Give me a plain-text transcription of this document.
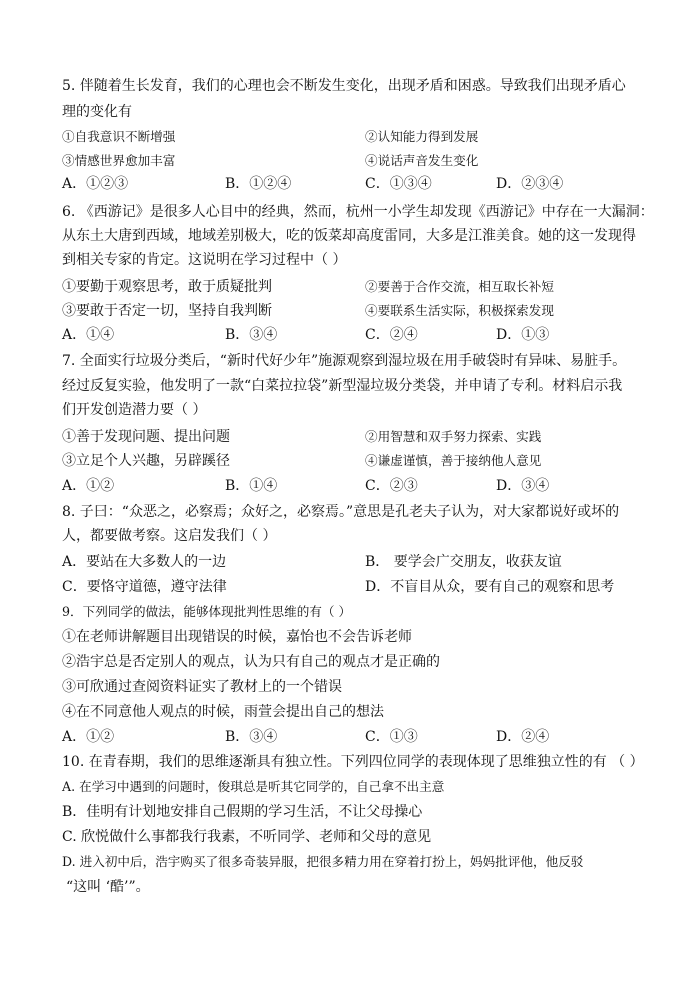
5. 伴随着生长发育，我们的心理也会不断发生变化，出现矛盾和困惑。导致我们出现矛盾心
理的变化有
①自我意识不断增强	②认知能力得到发展
③情感世界愈加丰富	④说话声音发生变化
A．①②③	B．①②④	C．①③④	D．②③④
6. 《西游记》是很多人心目中的经典，然而，杭州一小学生却发现《西游记》中存在一大漏洞：
从东土大唐到西域，地域差别极大，吃的饭菜却高度雷同，大多是江淮美食。她的这一发现得
到相关专家的肯定。这说明在学习过程中（ ）
①要勤于观察思考，敢于质疑批判	②要善于合作交流，相互取长补短
③要敢于否定一切，坚持自我判断	④要联系生活实际，积极探索发现
A．①④	B．③④	C．②④	D．①③
7. 全面实行垃圾分类后，“新时代好少年”施源观察到湿垃圾在用手破袋时有异味、易脏手。
经过反复实验，他发明了一款“白菜拉拉袋”新型湿垃圾分类袋，并申请了专利。材料启示我
们开发创造潜力要（ ）
①善于发现问题、提出问题	②用智慧和双手努力探索、实践
③立足个人兴趣，另辟蹊径	④谦虚谨慎，善于接纳他人意见
A．①②	B．①④	C．②③	D．③④
8. 子曰：“众恶之，必察焉；众好之，必察焉。”意思是孔老夫子认为，对大家都说好或坏的
人，都要做考察。这启发我们（ ）
A．要站在大多数人的一边	B． 要学会广交朋友，收获友谊
C．要恪守道德，遵守法律	D．不盲目从众，要有自己的观察和思考
9．下列同学的做法，能够体现批判性思维的有（ ）
①在老师讲解题目出现错误的时候，嘉怡也不会告诉老师
②浩宇总是否定别人的观点，认为只有自己的观点才是正确的
③可欣通过查阅资料证实了教材上的一个错误
④在不同意他人观点的时候，雨萱会提出自己的想法
A．①②	B．③④	C．①③	D．②④
10. 在青春期，我们的思维逐渐具有独立性。下列四位同学的表现体现了思维独立性的有 （ ）
A. 在学习中遇到的问题时，俊琪总是听其它同学的，自己拿不出主意
B．佳明有计划地安排自己假期的学习生活，不让父母操心
C. 欣悦做什么事都我行我素，不听同学、老师和父母的意见
D. 进入初中后，浩宇购买了很多奇装异服，把很多精力用在穿着打扮上，妈妈批评他，他反驳
“这叫 ‘酷’”。
